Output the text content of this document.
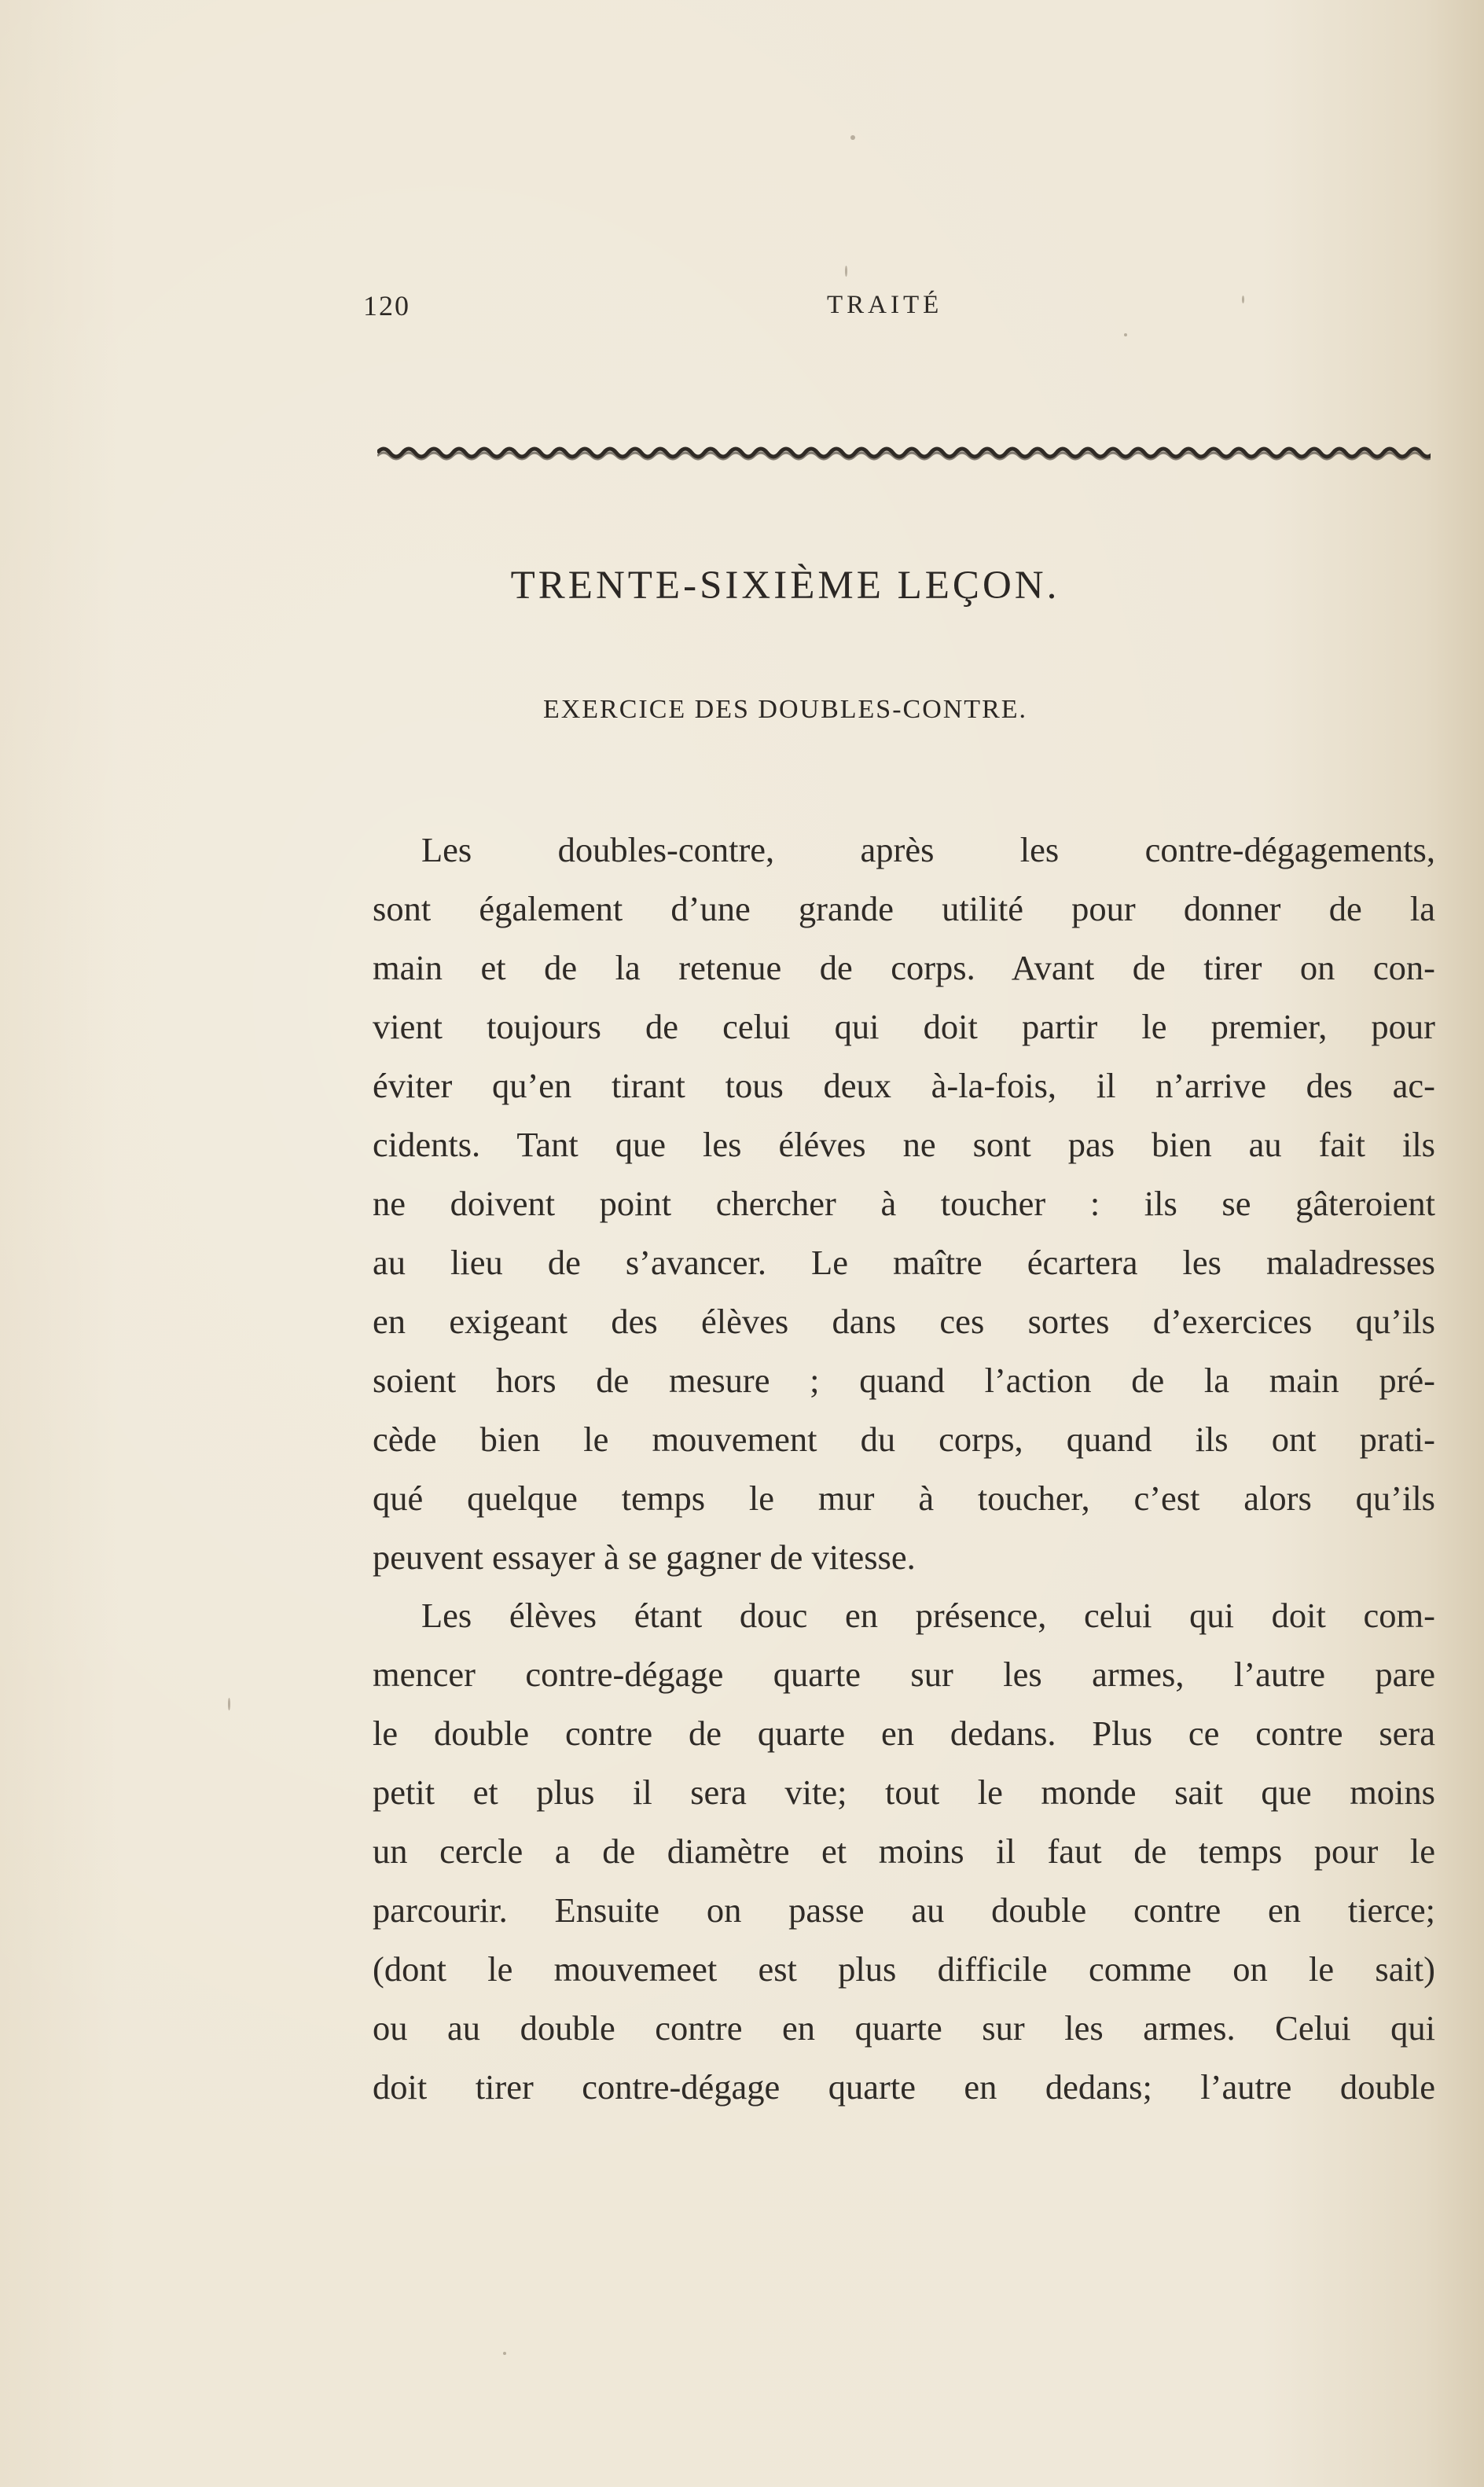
120	TRAITÉ
TRENTE-SIXIÈME LEÇON.
EXERCICE DES DOUBLES-CONTRE.
Les doubles-contre, après les contre-dégagements,
sont également d’une grande utilité pour donner de la
main et de la retenue de corps. Avant de tirer on con-
vient toujours de celui qui doit partir le premier, pour
éviter qu’en tirant tous deux à-la-fois, il n’arrive des ac-
cidents. Tant que les éléves ne sont pas bien au fait ils
ne doivent point chercher à toucher : ils se gâteroient
au lieu de s’avancer. Le maître écartera les maladresses
en exigeant des élèves dans ces sortes d’exercices qu’ils
soient hors de mesure ; quand l’action de la main pré-
cède bien le mouvement du corps, quand ils ont prati-
qué quelque temps le mur à toucher, c’est alors qu’ils
peuvent essayer à se gagner de vitesse.
Les élèves étant douc en présence, celui qui doit com-
mencer contre-dégage quarte sur les armes, l’autre pare
le double contre de quarte en dedans. Plus ce contre sera
petit et plus il sera vite; tout le monde sait que moins
un cercle a de diamètre et moins il faut de temps pour le
parcourir. Ensuite on passe au double contre en tierce;
(dont le mouvemeet est plus difficile comme on le sait)
ou au double contre en quarte sur les armes. Celui qui
doit tirer contre-dégage quarte en dedans; l’autre double
